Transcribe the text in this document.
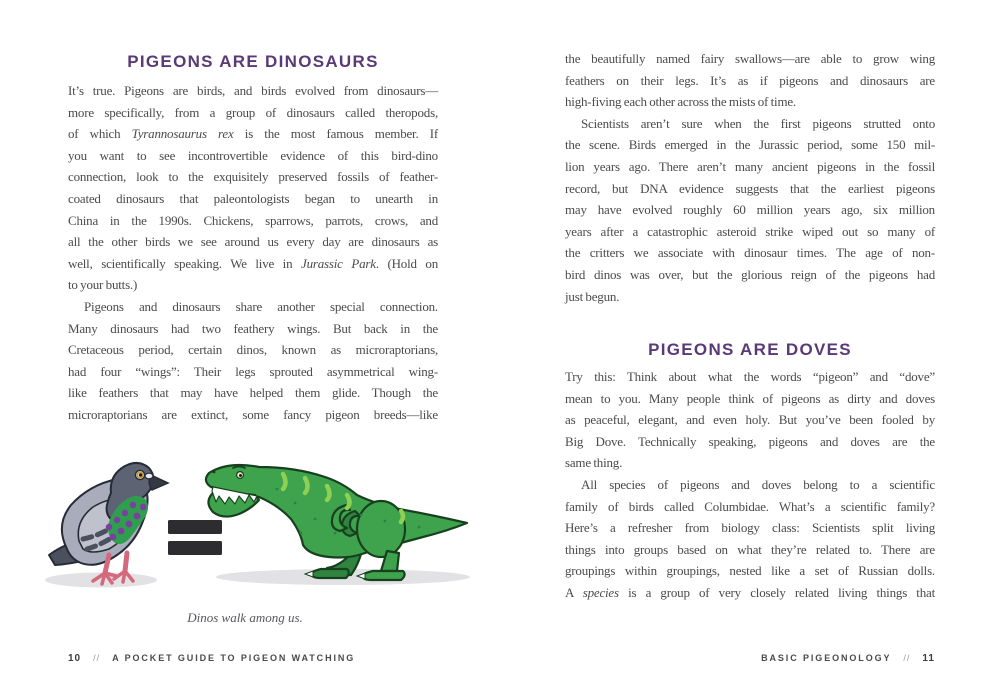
PIGEONS ARE DINOSAURS
It’s true. Pigeons are birds, and birds evolved from dinosaurs—
more specifically, from a group of dinosaurs called theropods,
of which Tyrannosaurus rex is the most famous member. If
you want to see incontrovertible evidence of this bird-dino
connection, look to the exquisitely preserved fossils of feather-
coated dinosaurs that paleontologists began to unearth in
China in the 1990s. Chickens, sparrows, parrots, crows, and
all the other birds we see around us every day are dinosaurs as
well, scientifically speaking. We live in Jurassic Park. (Hold on
to your butts.)
Pigeons and dinosaurs share another special connection.
Many dinosaurs had two feathery wings. But back in the
Cretaceous period, certain dinos, known as microraptorians,
had four “wings”: Their legs sprouted asymmetrical wing-
like feathers that may have helped them glide. Though the
microraptorians are extinct, some fancy pigeon breeds—like
Dinos walk among us.
10 // A POCKET GUIDE TO PIGEON WATCHING
the beautifully named fairy swallows—are able to grow wing
feathers on their legs. It’s as if pigeons and dinosaurs are
high-fiving each other across the mists of time.
Scientists aren’t sure when the first pigeons strutted onto
the scene. Birds emerged in the Jurassic period, some 150 mil-
lion years ago. There aren’t many ancient pigeons in the fossil
record, but DNA evidence suggests that the earliest pigeons
may have evolved roughly 60 million years ago, six million
years after a catastrophic asteroid strike wiped out so many of
the critters we associate with dinosaur times. The age of non-
bird dinos was over, but the glorious reign of the pigeons had
just begun.
PIGEONS ARE DOVES
Try this: Think about what the words “pigeon” and “dove”
mean to you. Many people think of pigeons as dirty and doves
as peaceful, elegant, and even holy. But you’ve been fooled by
Big Dove. Technically speaking, pigeons and doves are the
same thing.
All species of pigeons and doves belong to a scientific
family of birds called Columbidae. What’s a scientific family?
Here’s a refresher from biology class: Scientists split living
things into groups based on what they’re related to. There are
groupings within groupings, nested like a set of Russian dolls.
A species is a group of very closely related living things that
BASIC PIGEONOLOGY // 11
